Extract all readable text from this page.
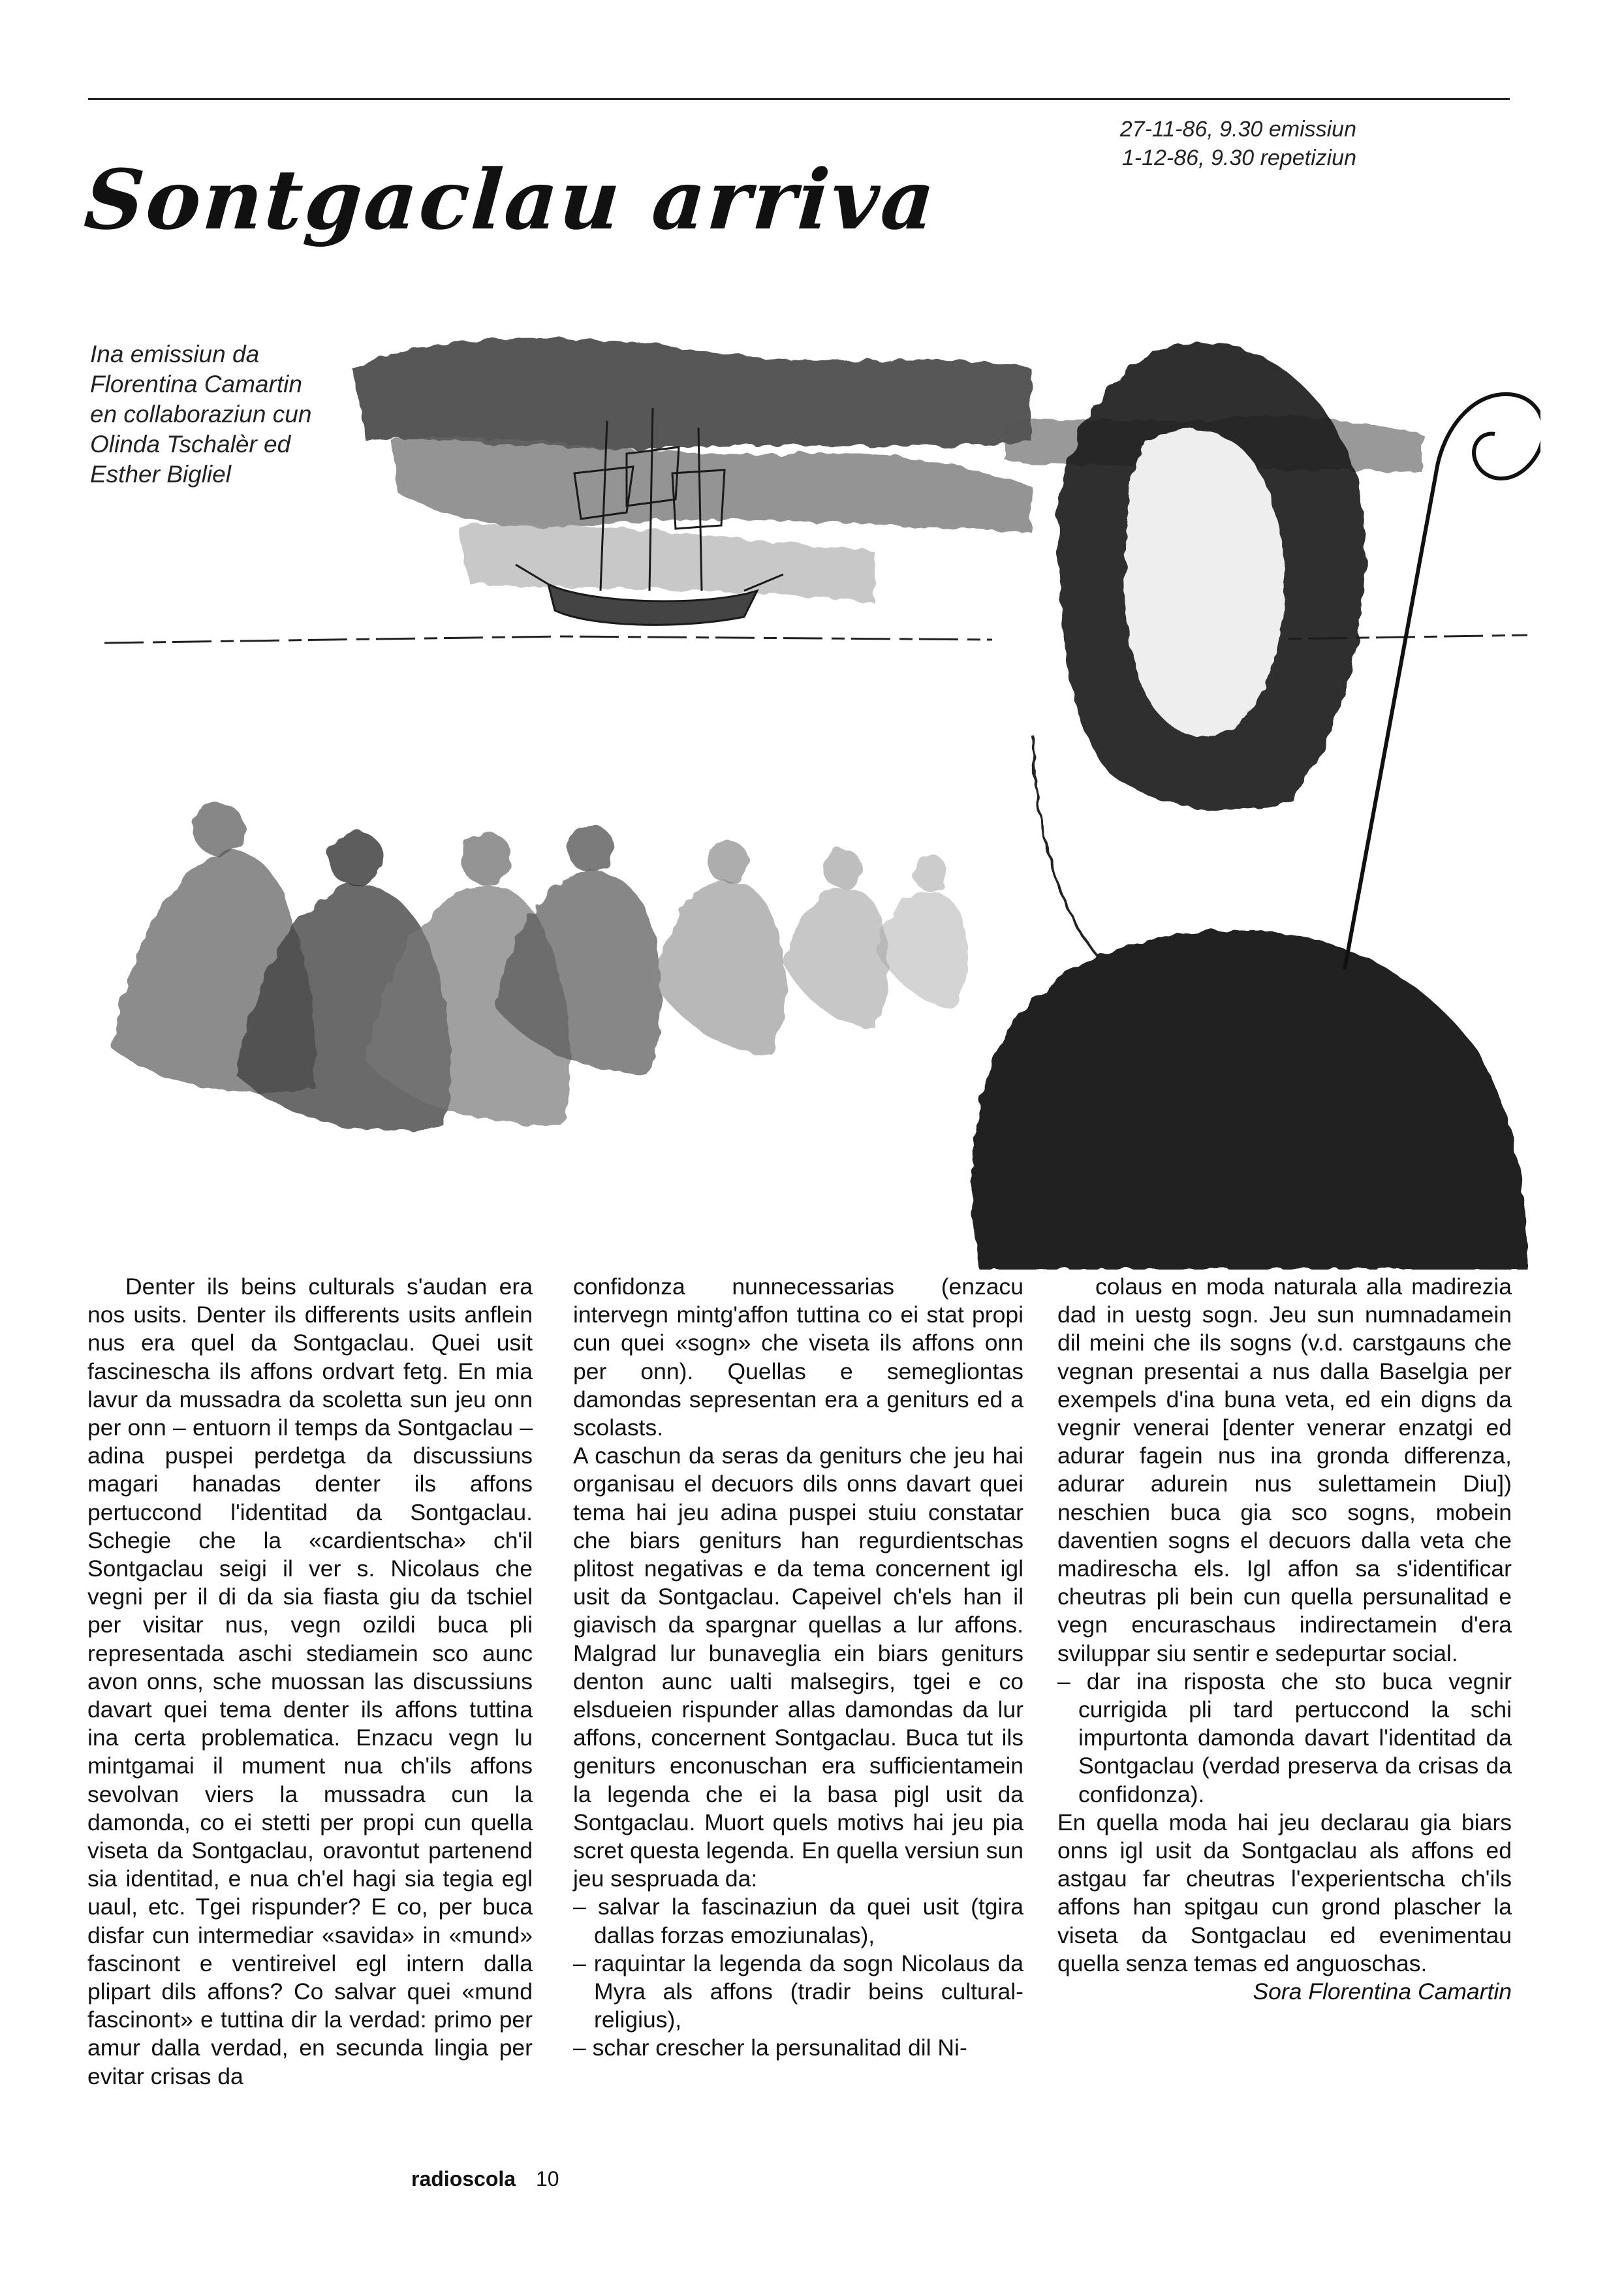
27-11-86, 9.30 emissiun
1-12-86, 9.30 repetiziun
Sontgaclau arriva
Ina emissiun da
Florentina Camartin
en collaboraziun cun
Olinda Tschalèr ed
Esther Bigliel

Denter ils beins culturals s'audan era nos usits. Denter ils differents usits anflein nus era quel da Sontgaclau. Quei usit fascinescha ils affons ordvart fetg. En mia lavur da mussadra da scoletta sun jeu onn per onn – entuorn il temps da Sontgaclau – adina puspei perdetga da discussiuns magari hanadas denter ils affons pertuccond l'identitad da Sontgaclau. Schegie che la «cardientscha» ch'il Sontgaclau seigi il ver s. Nicolaus che vegni per il di da sia fiasta giu da tschiel per visitar nus, vegn ozildi buca pli representada aschi stediamein sco aunc avon onns, sche muossan las discussiuns davart quei tema denter ils affons tuttina ina certa problematica. Enzacu vegn lu mintgamai il mument nua ch'ils affons sevolvan viers la mussadra cun la damonda, co ei stetti per propi cun quella viseta da Sontgaclau, oravontut partenend sia identitad, e nua ch'el hagi sia tegia egl uaul, etc. Tgei rispunder? E co, per buca disfar cun intermediar «savida» in «mund» fascinont e ventireivel egl intern dalla plipart dils affons? Co salvar quei «mund fascinont» e tuttina dir la verdad: primo per amur dalla verdad, en secunda lingia per evitar crisas da

confidonza nunnecessarias (enzacu intervegn mintg'affon tuttina co ei stat propi cun quei «sogn» che viseta ils affons onn per onn). Quellas e semegliontas damondas sepresentan era a geniturs ed a scolasts.

A caschun da seras da geniturs che jeu hai organisau el decuors dils onns davart quei tema hai jeu adina puspei stuiu constatar che biars geniturs han regurdientschas plitost negativas e da tema concernent igl usit da Sontgaclau. Capeivel ch'els han il giavisch da spargnar quellas a lur affons. Malgrad lur bunaveglia ein biars geniturs denton aunc ualti malsegirs, tgei e co elsdueien rispunder allas damondas da lur affons, concernent Sontgaclau. Buca tut ils geniturs enconuschan era sufficientamein la legenda che ei la basa pigl usit da Sontgaclau. Muort quels motivs hai jeu pia scret questa legenda. En quella versiun sun jeu sespruada da:

– salvar la fascinaziun da quei usit (tgira dallas forzas emoziunalas),

– raquintar la legenda da sogn Nicolaus da Myra als affons (tradir beins cultural-religius),

– schar crescher la persunalitad dil Ni-

colaus en moda naturala alla madirezia dad in uestg sogn. Jeu sun numnadamein dil meini che ils sogns (v.d. carstgauns che vegnan presentai a nus dalla Baselgia per exempels d'ina buna veta, ed ein digns da vegnir venerai [denter venerar enzatgi ed adurar fagein nus ina gronda differenza, adurar adurein nus sulettamein Diu]) neschien buca gia sco sogns, mobein daventien sogns el decuors dalla veta che madirescha els. Igl affon sa s'identificar cheutras pli bein cun quella persunalitad e vegn encuraschaus indirectamein d'era sviluppar siu sentir e sedepurtar social.

– dar ina risposta che sto buca vegnir currigida pli tard pertuccond la schi impurtonta damonda davart l'identitad da Sontgaclau (verdad preserva da crisas da confidonza).

En quella moda hai jeu declarau gia biars onns igl usit da Sontgaclau als affons ed astgau far cheutras l'experientscha ch'ils affons han spitgau cun grond plascher la viseta da Sontgaclau ed evenimentau quella senza temas ed anguoschas.

Sora Florentina Camartin

radioscola 10
